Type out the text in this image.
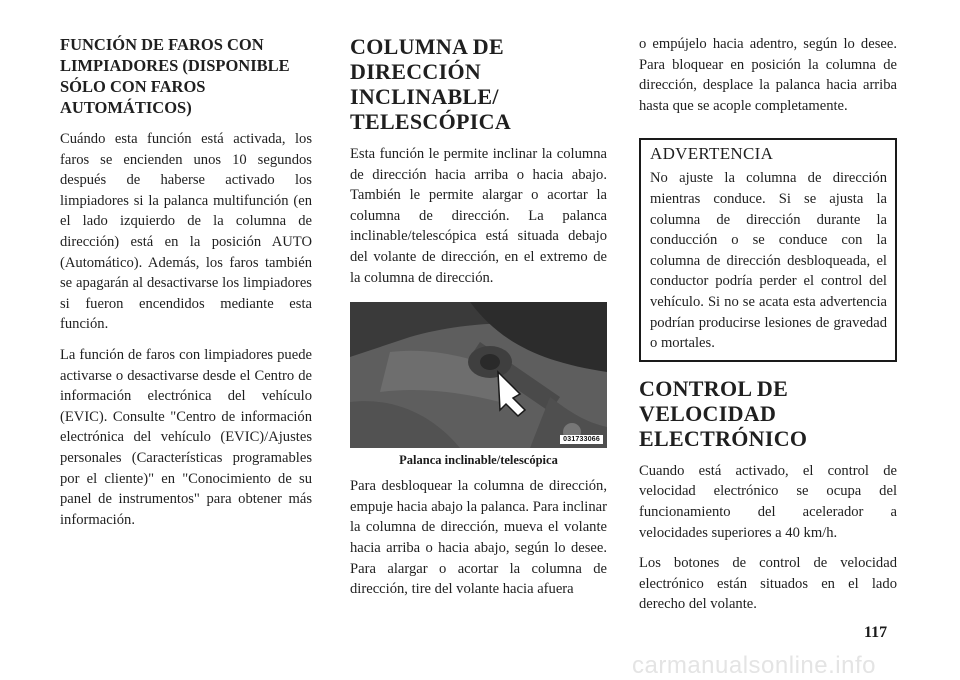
FUNCIÓN DE FAROS CON LIMPIADORES (DISPONIBLE SÓLO CON FAROS AUTOMÁTICOS)

Cuándo esta función está activada, los faros se encienden unos 10 segundos después de haberse activado los limpiadores si la palanca multifunción (en el lado izquierdo de la columna de dirección) está en la posición AUTO (Automático). Además, los faros también se apagarán al desactivarse los limpiadores si fueron encendidos mediante esta función.

La función de faros con limpiadores puede activarse o desactivarse desde el Centro de información electrónica del vehículo (EVIC). Consulte "Centro de información electrónica del vehículo (EVIC)/Ajustes personales (Características programables por el cliente)" en "Conocimiento de su panel de instrumentos" para obtener más información.

COLUMNA DE DIRECCIÓN INCLINABLE/ TELESCÓPICA

Esta función le permite inclinar la columna de dirección hacia arriba o hacia abajo. También le permite alargar o acortar la columna de dirección. La palanca inclinable/telescópica está situada debajo del volante de dirección, en el extremo de la columna de dirección.

031733066
Palanca inclinable/telescópica

Para desbloquear la columna de dirección, empuje hacia abajo la palanca. Para inclinar la columna de dirección, mueva el volante hacia arriba o hacia abajo, según lo desee. Para alargar o acortar la columna de dirección, tire del volante hacia afuera

o empújelo hacia adentro, según lo desee. Para bloquear en posición la columna de dirección, desplace la palanca hacia arriba hasta que se acople completamente.

ADVERTENCIA

No ajuste la columna de dirección mientras conduce. Si se ajusta la columna de dirección durante la conducción o se conduce con la columna de dirección desbloqueada, el conductor podría perder el control del vehículo. Si no se acata esta advertencia podrían producirse lesiones de gravedad o mortales.

CONTROL DE VELOCIDAD ELECTRÓNICO

Cuando está activado, el control de velocidad electrónico se ocupa del funcionamiento del acelerador a velocidades superiores a 40 km/h.

Los botones de control de velocidad electrónico están situados en el lado derecho del volante.

117
carmanualsonline.info
